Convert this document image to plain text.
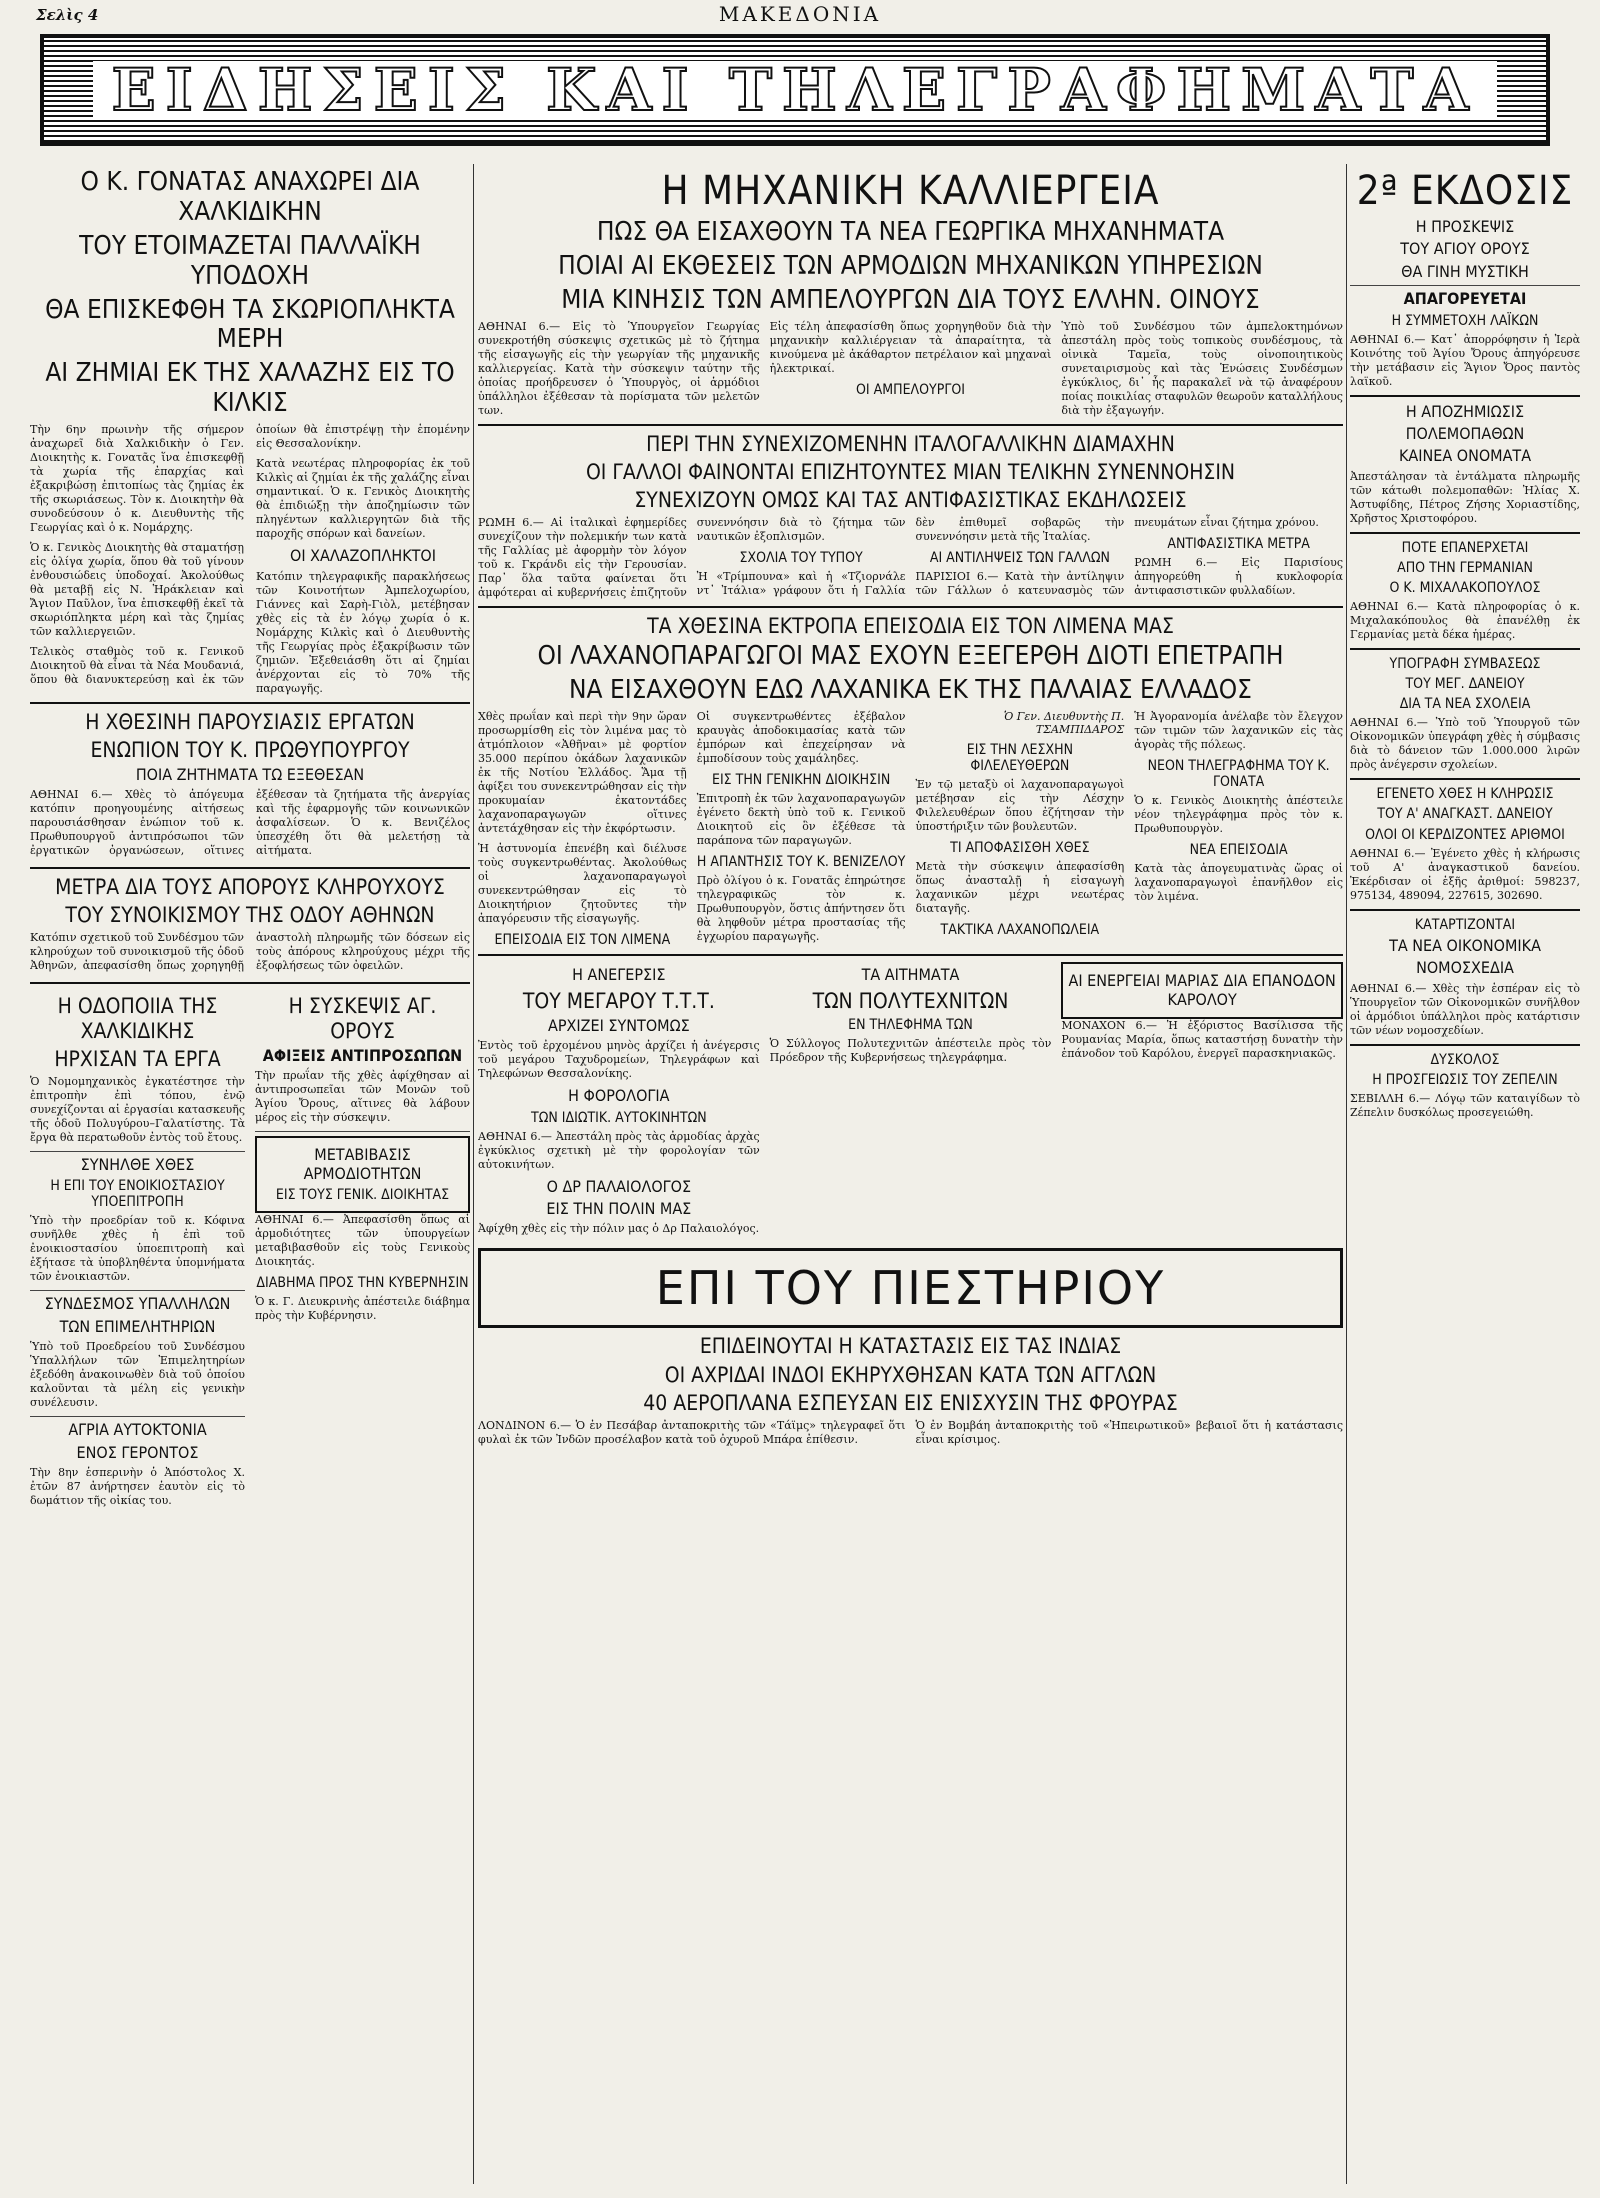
Σελὶς 4	ΜΑΚΕΔΟΝΙΑ
ΕΙΔΗΣΕΙΣ ΚΑΙ ΤΗΛΕΓΡΑΦΗΜΑΤΑ
Ο Κ. ΓΟΝΑΤΑΣ ΑΝΑΧΩΡΕΙ ΔΙΑ ΧΑΛΚΙΔΙΚΗΝ
ΤΟΥ ΕΤΟΙΜΑΖΕΤΑΙ ΠΑΛΛΑΪΚΗ ΥΠΟΔΟΧΗ
ΘΑ ΕΠΙΣΚΕΦΘΗ ΤΑ ΣΚΩΡΙΟΠΛΗΚΤΑ ΜΕΡΗ
ΑΙ ΖΗΜΙΑΙ ΕΚ ΤΗΣ ΧΑΛΑΖΗΣ ΕΙΣ ΤΟ ΚΙΛΚΙΣ

Τὴν 6ην πρωινὴν τῆς σήμερον ἀναχωρεῖ διὰ Χαλκιδικὴν ὁ Γεν. Διοικητὴς κ. Γονατᾶς ἵνα ἐπισκεφθῇ τὰ χωρία τῆς ἐπαρχίας καὶ ἐξακριβώσῃ ἐπιτοπίως τὰς ζημίας ἐκ τῆς σκωριάσεως. Τὸν κ. Διοικητὴν θὰ συνοδεύσουν ὁ κ. Διευθυντὴς τῆς Γεωργίας καὶ ὁ κ. Νομάρχης.

Ὁ κ. Γενικὸς Διοικητὴς θὰ σταματήσῃ εἰς ὀλίγα χωρία, ὅπου θὰ τοῦ γίνουν ἐνθουσιώδεις ὑποδοχαί. Ἀκολούθως θὰ μεταβῇ εἰς Ν. Ἡράκλειαν καὶ Ἄγιον Παῦλον, ἵνα ἐπισκεφθῇ ἐκεῖ τὰ σκωριόπληκτα μέρη καὶ τὰς ζημίας τῶν καλλιεργειῶν.

Τελικὸς σταθμὸς τοῦ κ. Γενικοῦ Διοικητοῦ θὰ εἶναι τὰ Νέα Μουδανιά, ὅπου θὰ διανυκτερεύσῃ καὶ ἐκ τῶν ὁποίων θὰ ἐπιστρέψῃ τὴν ἑπομένην εἰς Θεσσαλονίκην.

Κατὰ νεωτέρας πληροφορίας ἐκ τοῦ Κιλκὶς αἱ ζημίαι ἐκ τῆς χαλάζης εἶναι σημαντικαί. Ὁ κ. Γενικὸς Διοικητὴς θὰ ἐπιδιώξῃ τὴν ἀποζημίωσιν τῶν πληγέντων καλλιεργητῶν διὰ τῆς παροχῆς σπόρων καὶ δανείων.

ΟΙ ΧΑΛΑΖΟΠΛΗΚΤΟΙ

Κατόπιν τηλεγραφικῆς παρακλήσεως τῶν Κοινοτήτων Ἀμπελοχωρίου, Γιάννες καὶ Σαρὴ-Γιὸλ, μετέβησαν χθὲς εἰς τὰ ἐν λόγῳ χωρία ὁ κ. Νομάρχης Κιλκὶς καὶ ὁ Διευθυντὴς τῆς Γεωργίας πρὸς ἐξακρίβωσιν τῶν ζημιῶν. Ἐξεθειάσθη ὅτι αἱ ζημίαι ἀνέρχονται εἰς τὸ 70% τῆς παραγωγῆς.

Η ΧΘΕΣΙΝΗ ΠΑΡΟΥΣΙΑΣΙΣ ΕΡΓΑΤΩΝ
ΕΝΩΠΙΟΝ ΤΟΥ Κ. ΠΡΩΘΥΠΟΥΡΓΟΥ
ΠΟΙΑ ΖΗΤΗΜΑΤΑ ΤΩ ΕΞΕΘΕΣΑΝ

ΑΘΗΝΑΙ 6.— Χθὲς τὸ ἀπόγευμα κατόπιν προηγουμένης αἰτήσεως παρουσιάσθησαν ἐνώπιον τοῦ κ. Πρωθυπουργοῦ ἀντιπρόσωποι τῶν ἐργατικῶν ὀργανώσεων, οἵτινες ἐξέθεσαν τὰ ζητήματα τῆς ἀνεργίας καὶ τῆς ἐφαρμογῆς τῶν κοινωνικῶν ἀσφαλίσεων. Ὁ κ. Βενιζέλος ὑπεσχέθη ὅτι θὰ μελετήσῃ τὰ αἰτήματα.

ΜΕΤΡΑ ΔΙΑ ΤΟΥΣ ΑΠΟΡΟΥΣ ΚΛΗΡΟΥΧΟΥΣ
ΤΟΥ ΣΥΝΟΙΚΙΣΜΟΥ ΤΗΣ ΟΔΟΥ ΑΘΗΝΩΝ

Κατόπιν σχετικοῦ τοῦ Συνδέσμου τῶν κληρούχων τοῦ συνοικισμοῦ τῆς ὁδοῦ Ἀθηνῶν, ἀπεφασίσθη ὅπως χορηγηθῇ ἀναστολὴ πληρωμῆς τῶν δόσεων εἰς τοὺς ἀπόρους κληρούχους μέχρι τῆς ἐξοφλήσεως τῶν ὀφειλῶν.

Η ΟΔΟΠΟΙΙΑ ΤΗΣ ΧΑΛΚΙΔΙΚΗΣ
ΗΡΧΙΣΑΝ ΤΑ ΕΡΓΑ

Ὁ Νομομηχανικὸς ἐγκατέστησε τὴν ἐπιτροπὴν ἐπὶ τόπου, ἐνῷ συνεχίζονται αἱ ἐργασίαι κατασκευῆς τῆς ὁδοῦ Πολυγύρου–Γαλατίστης. Τὰ ἔργα θὰ περατωθοῦν ἐντὸς τοῦ ἔτους.

ΣΥΝΗΛΘΕ ΧΘΕΣ
Η ΕΠΙ ΤΟΥ ΕΝΟΙΚΙΟΣΤΑΣΙΟΥ ΥΠΟΕΠΙΤΡΟΠΗ

Ὑπὸ τὴν προεδρίαν τοῦ κ. Κόφινα συνῆλθε χθὲς ἡ ἐπὶ τοῦ ἐνοικιοστασίου ὑποεπιτροπὴ καὶ ἐξήτασε τὰ ὑποβληθέντα ὑπομνήματα τῶν ἐνοικιαστῶν.

ΣΥΝΔΕΣΜΟΣ ΥΠΑΛΛΗΛΩΝ
ΤΩΝ ΕΠΙΜΕΛΗΤΗΡΙΩΝ

Ὑπὸ τοῦ Προεδρείου τοῦ Συνδέσμου Ὑπαλλήλων τῶν Ἐπιμελητηρίων ἐξεδόθη ἀνακοινωθὲν διὰ τοῦ ὁποίου καλοῦνται τὰ μέλη εἰς γενικὴν συνέλευσιν.

ΑΓΡΙΑ ΑΥΤΟΚΤΟΝΙΑ
ΕΝΟΣ ΓΕΡΟΝΤΟΣ

Τὴν 8ην ἑσπερινὴν ὁ Ἀπόστολος Χ. ἐτῶν 87 ἀνήρτησεν ἑαυτὸν εἰς τὸ δωμάτιον τῆς οἰκίας του.

Η ΣΥΣΚΕΨΙΣ ΑΓ. ΟΡΟΥΣ
ΑΦΙΞΕΙΣ ΑΝΤΙΠΡΟΣΩΠΩΝ

Τὴν πρωΐαν τῆς χθὲς ἀφίχθησαν αἱ ἀντιπροσωπεῖαι τῶν Μονῶν τοῦ Ἁγίου Ὄρους, αἵτινες θὰ λάβουν μέρος εἰς τὴν σύσκεψιν.

ΜΕΤΑΒΙΒΑΣΙΣ ΑΡΜΟΔΙΟΤΗΤΩΝ
ΕΙΣ ΤΟΥΣ ΓΕΝΙΚ. ΔΙΟΙΚΗΤΑΣ

ΑΘΗΝΑΙ 6.— Ἀπεφασίσθη ὅπως αἱ ἁρμοδιότητες τῶν ὑπουργείων μεταβιβασθοῦν εἰς τοὺς Γενικοὺς Διοικητάς.

ΔΙΑΒΗΜΑ ΠΡΟΣ ΤΗΝ ΚΥΒΕΡΝΗΣΙΝ

Ὁ κ. Γ. Διευκρινὴς ἀπέστειλε διάβημα πρὸς τὴν Κυβέρνησιν.

Η ΜΗΧΑΝΙΚΗ ΚΑΛΛΙΕΡΓΕΙΑ
ΠΩΣ ΘΑ ΕΙΣΑΧΘΟΥΝ ΤΑ ΝΕΑ ΓΕΩΡΓΙΚΑ ΜΗΧΑΝΗΜΑΤΑ
ΠΟΙΑΙ ΑΙ ΕΚΘΕΣΕΙΣ ΤΩΝ ΑΡΜΟΔΙΩΝ ΜΗΧΑΝΙΚΩΝ ΥΠΗΡΕΣΙΩΝ
ΜΙΑ ΚΙΝΗΣΙΣ ΤΩΝ ΑΜΠΕΛΟΥΡΓΩΝ ΔΙΑ ΤΟΥΣ ΕΛΛΗΝ. ΟΙΝΟΥΣ

ΑΘΗΝΑΙ 6.— Εἰς τὸ Ὑπουργεῖον Γεωργίας συνεκροτήθη σύσκεψις σχετικῶς μὲ τὸ ζήτημα τῆς εἰσαγωγῆς εἰς τὴν γεωργίαν τῆς μηχανικῆς καλλιεργείας. Κατὰ τὴν σύσκεψιν ταύτην τῆς ὁποίας προήδρευσεν ὁ Ὑπουργὸς, οἱ ἁρμόδιοι ὑπάλληλοι ἐξέθεσαν τὰ πορίσματα τῶν μελετῶν των.

Εἰς τέλη ἀπεφασίσθη ὅπως χορηγηθοῦν διὰ τὴν μηχανικὴν καλλιέργειαν τὰ ἀπαραίτητα, τὰ κινούμενα μὲ ἀκάθαρτον πετρέλαιον καὶ μηχαναὶ ἠλεκτρικαί.

ΟΙ ΑΜΠΕΛΟΥΡΓΟΙ

Ὑπὸ τοῦ Συνδέσμου τῶν ἀμπελοκτημόνων ἀπεστάλη πρὸς τοὺς τοπικοὺς συνδέσμους, τὰ οἰνικὰ Ταμεῖα, τοὺς οἰνοποιητικοὺς συνεταιρισμοὺς καὶ τὰς Ἑνώσεις Συνδέσμων ἐγκύκλιος, δι᾽ ἧς παρακαλεῖ νὰ τῷ ἀναφέρουν ποίας ποικιλίας σταφυλῶν θεωροῦν καταλλήλους διὰ τὴν ἐξαγωγήν.

ΠΕΡΙ ΤΗΝ ΣΥΝΕΧΙΖΟΜΕΝΗΝ ΙΤΑΛΟΓΑΛΛΙΚΗΝ ΔΙΑΜΑΧΗΝ
ΟΙ ΓΑΛΛΟΙ ΦΑΙΝΟΝΤΑΙ ΕΠΙΖΗΤΟΥΝΤΕΣ ΜΙΑΝ ΤΕΛΙΚΗΝ ΣΥΝΕΝΝΟΗΣΙΝ
ΣΥΝΕΧΙΖΟΥΝ ΟΜΩΣ ΚΑΙ ΤΑΣ ΑΝΤΙΦΑΣΙΣΤΙΚΑΣ ΕΚΔΗΛΩΣΕΙΣ

ΡΩΜΗ 6.— Αἱ ἰταλικαὶ ἐφημερίδες συνεχίζουν τὴν πολεμικήν των κατὰ τῆς Γαλλίας μὲ ἀφορμὴν τὸν λόγον τοῦ κ. Γκράνδι εἰς τὴν Γερουσίαν. Παρ᾽ ὅλα ταῦτα φαίνεται ὅτι ἀμφότεραι αἱ κυβερνήσεις ἐπιζητοῦν συνεννόησιν διὰ τὸ ζήτημα τῶν ναυτικῶν ἐξοπλισμῶν.

ΣΧΟΛΙΑ ΤΟΥ ΤΥΠΟΥ

Ἡ «Τρίμπουνα» καὶ ἡ «Τζιορνάλε ντ᾽ Ἰτάλια» γράφουν ὅτι ἡ Γαλλία δὲν ἐπιθυμεῖ σοβαρῶς τὴν συνεννόησιν μετὰ τῆς Ἰταλίας.

ΑΙ ΑΝΤΙΛΗΨΕΙΣ ΤΩΝ ΓΑΛΛΩΝ

ΠΑΡΙΣΙΟΙ 6.— Κατὰ τὴν ἀντίληψιν τῶν Γάλλων ὁ κατευνασμὸς τῶν πνευμάτων εἶναι ζήτημα χρόνου.

ΑΝΤΙΦΑΣΙΣΤΙΚΑ ΜΕΤΡΑ

ΡΩΜΗ 6.— Εἰς Παρισίους ἀπηγορεύθη ἡ κυκλοφορία ἀντιφασιστικῶν φυλλαδίων.

ΤΑ ΧΘΕΣΙΝΑ ΕΚΤΡΟΠΑ ΕΠΕΙΣΟΔΙΑ ΕΙΣ ΤΟΝ ΛΙΜΕΝΑ ΜΑΣ
ΟΙ ΛΑΧΑΝΟΠΑΡΑΓΩΓΟΙ ΜΑΣ ΕΧΟΥΝ ΕΞΕΓΕΡΘΗ ΔΙΟΤΙ ΕΠΕΤΡΑΠΗ
ΝΑ ΕΙΣΑΧΘΟΥΝ ΕΔΩ ΛΑΧΑΝΙΚΑ ΕΚ ΤΗΣ ΠΑΛΑΙΑΣ ΕΛΛΑΔΟΣ

Χθὲς πρωΐαν καὶ περὶ τὴν 9ην ὥραν προσωρμίσθη εἰς τὸν λιμένα μας τὸ ἀτμόπλοιον «Ἀθῆναι» μὲ φορτίον 35.000 περίπου ὀκάδων λαχανικῶν ἐκ τῆς Νοτίου Ἑλλάδος. Ἅμα τῇ ἀφίξει του συνεκεντρώθησαν εἰς τὴν προκυμαίαν ἑκατοντάδες λαχανοπαραγωγῶν οἵτινες ἀντετάχθησαν εἰς τὴν ἐκφόρτωσιν.

Ἡ ἀστυνομία ἐπενέβη καὶ διέλυσε τοὺς συγκεντρωθέντας. Ἀκολούθως οἱ λαχανοπαραγωγοὶ συνεκεντρώθησαν εἰς τὸ Διοικητήριον ζητοῦντες τὴν ἀπαγόρευσιν τῆς εἰσαγωγῆς.

ΕΠΕΙΣΟΔΙΑ ΕΙΣ ΤΟΝ ΛΙΜΕΝΑ

Οἱ συγκεντρωθέντες ἐξέβαλον κραυγὰς ἀποδοκιμασίας κατὰ τῶν ἐμπόρων καὶ ἐπεχείρησαν νὰ ἐμποδίσουν τοὺς χαμάληδες.

ΕΙΣ ΤΗΝ ΓΕΝΙΚΗΝ ΔΙΟΙΚΗΣΙΝ

Ἐπιτροπὴ ἐκ τῶν λαχανοπαραγωγῶν ἐγένετο δεκτὴ ὑπὸ τοῦ κ. Γενικοῦ Διοικητοῦ εἰς ὃν ἐξέθεσε τὰ παράπονα τῶν παραγωγῶν.

Η ΑΠΑΝΤΗΣΙΣ ΤΟΥ Κ. ΒΕΝΙΖΕΛΟΥ

Πρὸ ὀλίγου ὁ κ. Γονατᾶς ἐπηρώτησε τηλεγραφικῶς τὸν κ. Πρωθυπουργὸν, ὅστις ἀπήντησεν ὅτι θὰ ληφθοῦν μέτρα προστασίας τῆς ἐγχωρίου παραγωγῆς.

Ὁ Γεν. Διευθυντὴς Π. ΤΣΑΜΠΙΔΑΡΟΣ
ΕΙΣ ΤΗΝ ΛΕΣΧΗΝ ΦΙΛΕΛΕΥΘΕΡΩΝ

Ἐν τῷ μεταξὺ οἱ λαχανοπαραγωγοὶ μετέβησαν εἰς τὴν Λέσχην Φιλελευθέρων ὅπου ἐζήτησαν τὴν ὑποστήριξιν τῶν βουλευτῶν.

ΤΙ ΑΠΟΦΑΣΙΣΘΗ ΧΘΕΣ

Μετὰ τὴν σύσκεψιν ἀπεφασίσθη ὅπως ἀνασταλῇ ἡ εἰσαγωγὴ λαχανικῶν μέχρι νεωτέρας διαταγῆς.

ΤΑΚΤΙΚΑ ΛΑΧΑΝΟΠΩΛΕΙΑ

Ἡ Ἀγορανομία ἀνέλαβε τὸν ἔλεγχον τῶν τιμῶν τῶν λαχανικῶν εἰς τὰς ἀγορὰς τῆς πόλεως.

ΝΕΟΝ ΤΗΛΕΓΡΑΦΗΜΑ ΤΟΥ Κ. ΓΟΝΑΤΑ

Ὁ κ. Γενικὸς Διοικητὴς ἀπέστειλε νέον τηλεγράφημα πρὸς τὸν κ. Πρωθυπουργὸν.

ΝΕΑ ΕΠΕΙΣΟΔΙΑ

Κατὰ τὰς ἀπογευματινὰς ὥρας οἱ λαχανοπαραγωγοὶ ἐπανῆλθον εἰς τὸν λιμένα.

Η ΑΝΕΓΕΡΣΙΣ
ΤΟΥ ΜΕΓΑΡΟΥ Τ.Τ.Τ.
ΑΡΧΙΖΕΙ ΣΥΝΤΟΜΩΣ

Ἐντὸς τοῦ ἐρχομένου μηνὸς ἀρχίζει ἡ ἀνέγερσις τοῦ μεγάρου Ταχυδρομείων, Τηλεγράφων καὶ Τηλεφώνων Θεσσαλονίκης.

Η ΦΟΡΟΛΟΓΙΑ
ΤΩΝ ΙΔΙΩΤΙΚ. ΑΥΤΟΚΙΝΗΤΩΝ

ΑΘΗΝΑΙ 6.— Ἀπεστάλη πρὸς τὰς ἀρμοδίας ἀρχὰς ἐγκύκλιος σχετικὴ μὲ τὴν φορολογίαν τῶν αὐτοκινήτων.

Ο ΔΡ ΠΑΛΑΙΟΛΟΓΟΣ
ΕΙΣ ΤΗΝ ΠΟΛΙΝ ΜΑΣ

Ἀφίχθη χθὲς εἰς τὴν πόλιν μας ὁ Δρ Παλαιολόγος.

ΤΑ ΑΙΤΗΜΑΤΑ
ΤΩΝ ΠΟΛΥΤΕΧΝΙΤΩΝ
ΕΝ ΤΗΛΕΦΗΜΑ ΤΩΝ

Ὁ Σύλλογος Πολυτεχνιτῶν ἀπέστειλε πρὸς τὸν Πρόεδρον τῆς Κυβερνήσεως τηλεγράφημα.

ΑΙ ΕΝΕΡΓΕΙΑΙ ΜΑΡΙΑΣ ΔΙΑ ΕΠΑΝΟΔΟΝ ΚΑΡΟΛΟΥ

ΜΟΝΑΧΟΝ 6.— Ἡ ἐξόριστος Βασίλισσα τῆς Ρουμανίας Μαρία, ὅπως καταστήσῃ δυνατὴν τὴν ἐπάνοδον τοῦ Καρόλου, ἐνεργεῖ παρασκηνιακῶς.

ΕΠΙ ΤΟΥ ΠΙΕΣΤΗΡΙΟΥ
ΕΠΙΔΕΙΝΟΥΤΑΙ Η ΚΑΤΑΣΤΑΣΙΣ ΕΙΣ ΤΑΣ ΙΝΔΙΑΣ
ΟΙ ΑΧΡΙΔΑΙ ΙΝΔΟΙ ΕΚΗΡΥΧΘΗΣΑΝ ΚΑΤΑ ΤΩΝ ΑΓΓΛΩΝ
40 ΑΕΡΟΠΛΑΝΑ ΕΣΠΕΥΣΑΝ ΕΙΣ ΕΝΙΣΧΥΣΙΝ ΤΗΣ ΦΡΟΥΡΑΣ

ΛΟΝΔΙΝΟΝ 6.— Ὁ ἐν Πεσάβαρ ἀνταποκριτὴς τῶν «Τάϊμς» τηλεγραφεῖ ὅτι φυλαὶ ἐκ τῶν Ἰνδῶν προσέλαβον κατὰ τοῦ ὀχυροῦ Μπάρα ἐπίθεσιν.

Ὁ ἐν Βομβάη ἀνταποκριτὴς τοῦ «Ἠπειρωτικοῦ» βεβαιοῖ ὅτι ἡ κατάστασις εἶναι κρίσιμος.

2ª ΕΚΔΟΣΙΣ
Η ΠΡΟΣΚΕΨΙΣ
ΤΟΥ ΑΓΙΟΥ ΟΡΟΥΣ
ΘΑ ΓΙΝΗ ΜΥΣΤΙΚΗ
ΑΠΑΓΟΡΕΥΕΤΑΙ
Η ΣΥΜΜΕΤΟΧΗ ΛΑΪΚΩΝ

ΑΘΗΝΑΙ 6.— Κατ᾽ ἀπορρόφησιν ἡ Ἱερὰ Κοινότης τοῦ Ἁγίου Ὄρους ἀπηγόρευσε τὴν μετάβασιν εἰς Ἅγιον Ὄρος παντὸς λαϊκοῦ.

Η ΑΠΟΖΗΜΙΩΣΙΣ
ΠΟΛΕΜΟΠΑΘΩΝ
ΚΑΙΝΕΑ ΟΝΟΜΑΤΑ

Ἀπεστάλησαν τὰ ἐντάλματα πληρωμῆς τῶν κάτωθι πολεμοπαθῶν: Ἠλίας Χ. Ἀστυφίδης, Πέτρος Ζήσης Χοριαστίδης, Χρῆστος Χριστοφόρου.

ΠΟΤΕ ΕΠΑΝΕΡΧΕΤΑΙ
ΑΠΟ ΤΗΝ ΓΕΡΜΑΝΙΑΝ
Ο Κ. ΜΙΧΑΛΑΚΟΠΟΥΛΟΣ

ΑΘΗΝΑΙ 6.— Κατὰ πληροφορίας ὁ κ. Μιχαλακόπουλος θὰ ἐπανέλθῃ ἐκ Γερμανίας μετὰ δέκα ἡμέρας.

ΥΠΟΓΡΑΦΗ ΣΥΜΒΑΣΕΩΣ
ΤΟΥ ΜΕΓ. ΔΑΝΕΙΟΥ
ΔΙΑ ΤΑ ΝΕΑ ΣΧΟΛΕΙΑ

ΑΘΗΝΑΙ 6.— Ὑπὸ τοῦ Ὑπουργοῦ τῶν Οἰκονομικῶν ὑπεγράφη χθὲς ἡ σύμβασις διὰ τὸ δάνειον τῶν 1.000.000 λιρῶν πρὸς ἀνέγερσιν σχολείων.

ΕΓΕΝΕΤΟ ΧΘΕΣ Η ΚΛΗΡΩΣΙΣ
ΤΟΥ Α' ΑΝΑΓΚΑΣΤ. ΔΑΝΕΙΟΥ
ΟΛΟΙ ΟΙ ΚΕΡΔΙΖΟΝΤΕΣ ΑΡΙΘΜΟΙ

ΑΘΗΝΑΙ 6.— Ἐγένετο χθὲς ἡ κλήρωσις τοῦ Α' ἀναγκαστικοῦ δανείου. Ἐκέρδισαν οἱ ἑξῆς ἀριθμοί: 598237, 975134, 489094, 227615, 302690.

ΚΑΤΑΡΤΙΖΟΝΤΑΙ
ΤΑ ΝΕΑ ΟΙΚΟΝΟΜΙΚΑ
ΝΟΜΟΣΧΕΔΙΑ

ΑΘΗΝΑΙ 6.— Χθὲς τὴν ἑσπέραν εἰς τὸ Ὑπουργεῖον τῶν Οἰκονομικῶν συνῆλθον οἱ ἁρμόδιοι ὑπάλληλοι πρὸς κατάρτισιν τῶν νέων νομοσχεδίων.

ΔΥΣΚΟΛΟΣ
Η ΠΡΟΣΓΕΙΩΣΙΣ ΤΟΥ ΖΕΠΕΛΙΝ

ΣΕΒΙΛΛΗ 6.— Λόγῳ τῶν καταιγίδων τὸ Ζέπελιν δυσκόλως προσεγειώθη.
